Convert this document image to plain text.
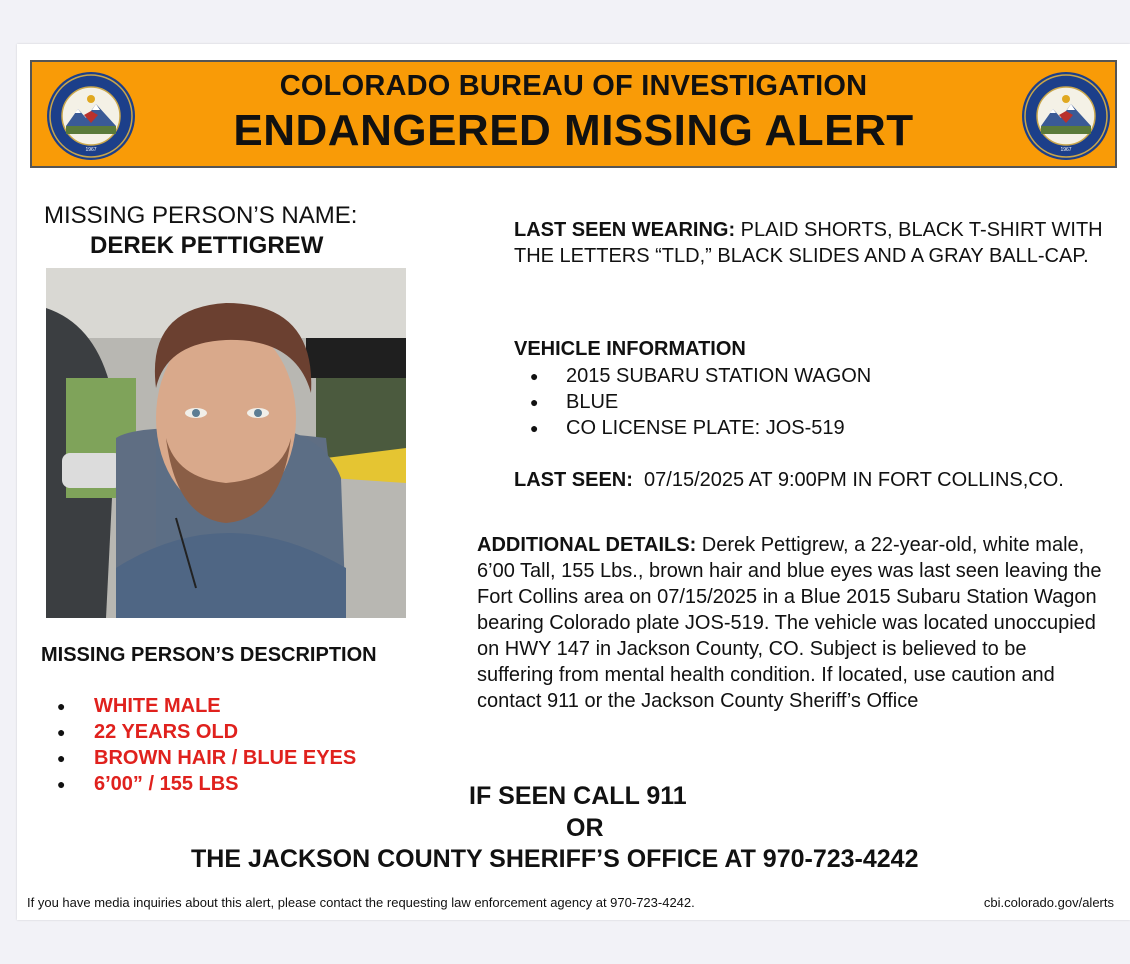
1967
COLORADO BUREAU OF INVESTIGATION
ENDANGERED MISSING ALERT	1967
MISSING PERSON’S NAME:
DEREK PETTIGREW
MISSING PERSON’S DESCRIPTION
● WHITE MALE
● 22 YEARS OLD
● BROWN HAIR / BLUE EYES
● 6’00” / 155 LBS
LAST SEEN WEARING: PLAID SHORTS, BLACK T-SHIRT WITH THE LETTERS “TLD,” BLACK SLIDES AND A GRAY BALL-CAP.
VEHICLE INFORMATION
● 2015 SUBARU STATION WAGON
● BLUE
● CO LICENSE PLATE: JOS-519
LAST SEEN:  07/15/2025 AT 9:00PM IN FORT COLLINS,CO.
ADDITIONAL DETAILS: Derek Pettigrew, a 22-year-old, white male, 6’00 Tall, 155 Lbs., brown hair and blue eyes was last seen leaving the Fort Collins area on 07/15/2025 in a Blue 2015 Subaru Station Wagon bearing Colorado plate JOS-519. The vehicle was located unoccupied on HWY 147 in Jackson County, CO. Subject is believed to be suffering from mental health condition. If located, use caution and contact 911 or the Jackson County Sheriff’s Office
IF SEEN CALL 911
OR
THE JACKSON COUNTY SHERIFF’S OFFICE AT 970-723-4242
If you have media inquiries about this alert, please contact the requesting law enforcement agency at 970-723-4242.	cbi.colorado.gov/alerts
